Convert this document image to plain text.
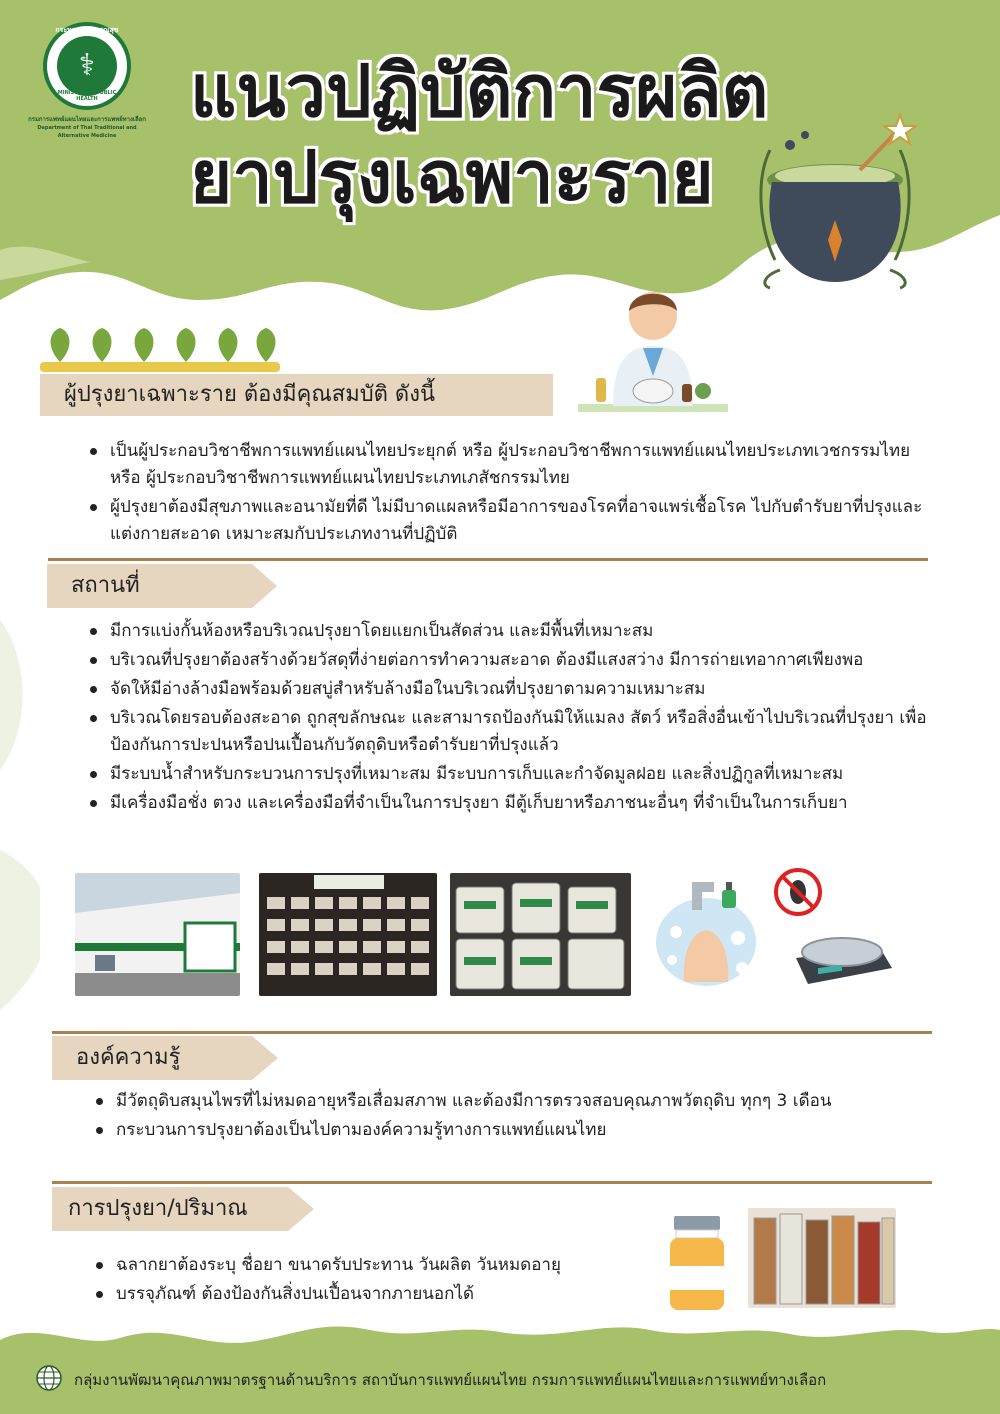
กระทรวงสาธารณสุข
⚕
MINISTRY OF PUBLIC HEALTH
กรมการแพทย์แผนไทยและการแพทย์ทางเลือก
Department of Thai Traditional and Alternative Medicine
แนวปฏิบัติการผลิต
ยาปรุงเฉพาะราย
ผู้ปรุงยาเฉพาะราย ต้องมีคุณสมบัติ ดังนี้
เป็นผู้ประกอบวิชาชีพการแพทย์แผนไทยประยุกต์ หรือ ผู้ประกอบวิชาชีพการแพทย์แผนไทยประเภทเวชกรรมไทย หรือ ผู้ประกอบวิชาชีพการแพทย์แผนไทยประเภทเภสัชกรรมไทย
ผู้ปรุงยาต้องมีสุขภาพและอนามัยที่ดี ไม่มีบาดแผลหรือมีอาการของโรคที่อาจแพร่เชื้อโรค ไปกับตำรับยาที่ปรุงและแต่งกายสะอาด เหมาะสมกับประเภทงานที่ปฏิบัติ
สถานที่
มีการแบ่งกั้นห้องหรือบริเวณปรุงยาโดยแยกเป็นสัดส่วน และมีพื้นที่เหมาะสม
บริเวณที่ปรุงยาต้องสร้างด้วยวัสดุที่ง่ายต่อการทำความสะอาด ต้องมีแสงสว่าง มีการถ่ายเทอากาศเพียงพอ
จัดให้มีอ่างล้างมือพร้อมด้วยสบู่สำหรับล้างมือในบริเวณที่ปรุงยาตามความเหมาะสม
บริเวณโดยรอบต้องสะอาด ถูกสุขลักษณะ และสามารถป้องกันมิให้แมลง สัตว์ หรือสิ่งอื่นเข้าไปบริเวณที่ปรุงยา เพื่อป้องกันการปะปนหรือปนเปื้อนกับวัตถุดิบหรือตำรับยาที่ปรุงแล้ว
มีระบบน้ำสำหรับกระบวนการปรุงที่เหมาะสม มีระบบการเก็บและกำจัดมูลฝอย และสิ่งปฏิกูลที่เหมาะสม
มีเครื่องมือชั่ง ตวง และเครื่องมือที่จำเป็นในการปรุงยา มีตู้เก็บยาหรือภาชนะอื่นๆ ที่จำเป็นในการเก็บยา
องค์ความรู้
มีวัตถุดิบสมุนไพรที่ไม่หมดอายุหรือเสื่อมสภาพ และต้องมีการตรวจสอบคุณภาพวัตถุดิบ ทุกๆ 3 เดือน
กระบวนการปรุงยาต้องเป็นไปตามองค์ความรู้ทางการแพทย์แผนไทย
การปรุงยา/ปริมาณ
ฉลากยาต้องระบุ ชื่อยา ขนาดรับประทาน วันผลิต วันหมดอายุ
บรรจุภัณฑ์ ต้องป้องกันสิ่งปนเปื้อนจากภายนอกได้
กลุ่มงานพัฒนาคุณภาพมาตรฐานด้านบริการ สถาบันการแพทย์แผนไทย กรมการแพทย์แผนไทยและการแพทย์ทางเลือก
